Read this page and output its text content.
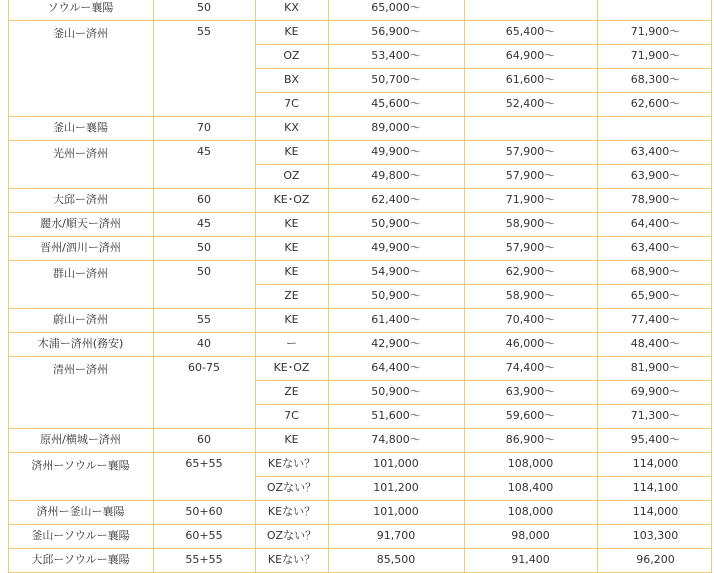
ソウルー襄陽	50	KX	65,000〜
釜山ー済州	55	KE	56,900〜	65,400〜	71,900〜
OZ	53,400〜	64,900〜	71,900〜
BX	50,700〜	61,600〜	68,300〜
7C	45,600〜	52,400〜	62,600〜
釜山ー襄陽	70	KX	89,000〜
光州ー済州	45	KE	49,900〜	57,900〜	63,400〜
OZ	49,800〜	57,900〜	63,900〜
大邱ー済州	60	KE･OZ	62,400〜	71,900〜	78,900〜
麗水/順天ー済州	45	KE	50,900〜	58,900〜	64,400〜
晋州/泗川ー済州	50	KE	49,900〜	57,900〜	63,400〜
群山ー済州	50	KE	54,900〜	62,900〜	68,900〜
ZE	50,900〜	58,900〜	65,900〜
蔚山ー済州	55	KE	61,400〜	70,400〜	77,400〜
木浦ー済州(務安)	40	ー	42,900〜	46,000〜	48,400〜
清州ー済州	60-75	KE･OZ	64,400〜	74,400〜	81,900〜
ZE	50,900〜	63,900〜	69,900〜
7C	51,600〜	59,600〜	71,300〜
原州/横城ー済州	60	KE	74,800〜	86,900〜	95,400〜
済州ーソウルー襄陽	65+55	KEない？	101,000	108,000	114,000
OZない？	101,200	108,400	114,100
済州ー釜山ー襄陽	50+60	KEない？	101,000	108,000	114,000
釜山ーソウルー襄陽	60+55	OZない？	91,700	98,000	103,300
大邱ーソウルー襄陽	55+55	KEない？	85,500	91,400	96,200
